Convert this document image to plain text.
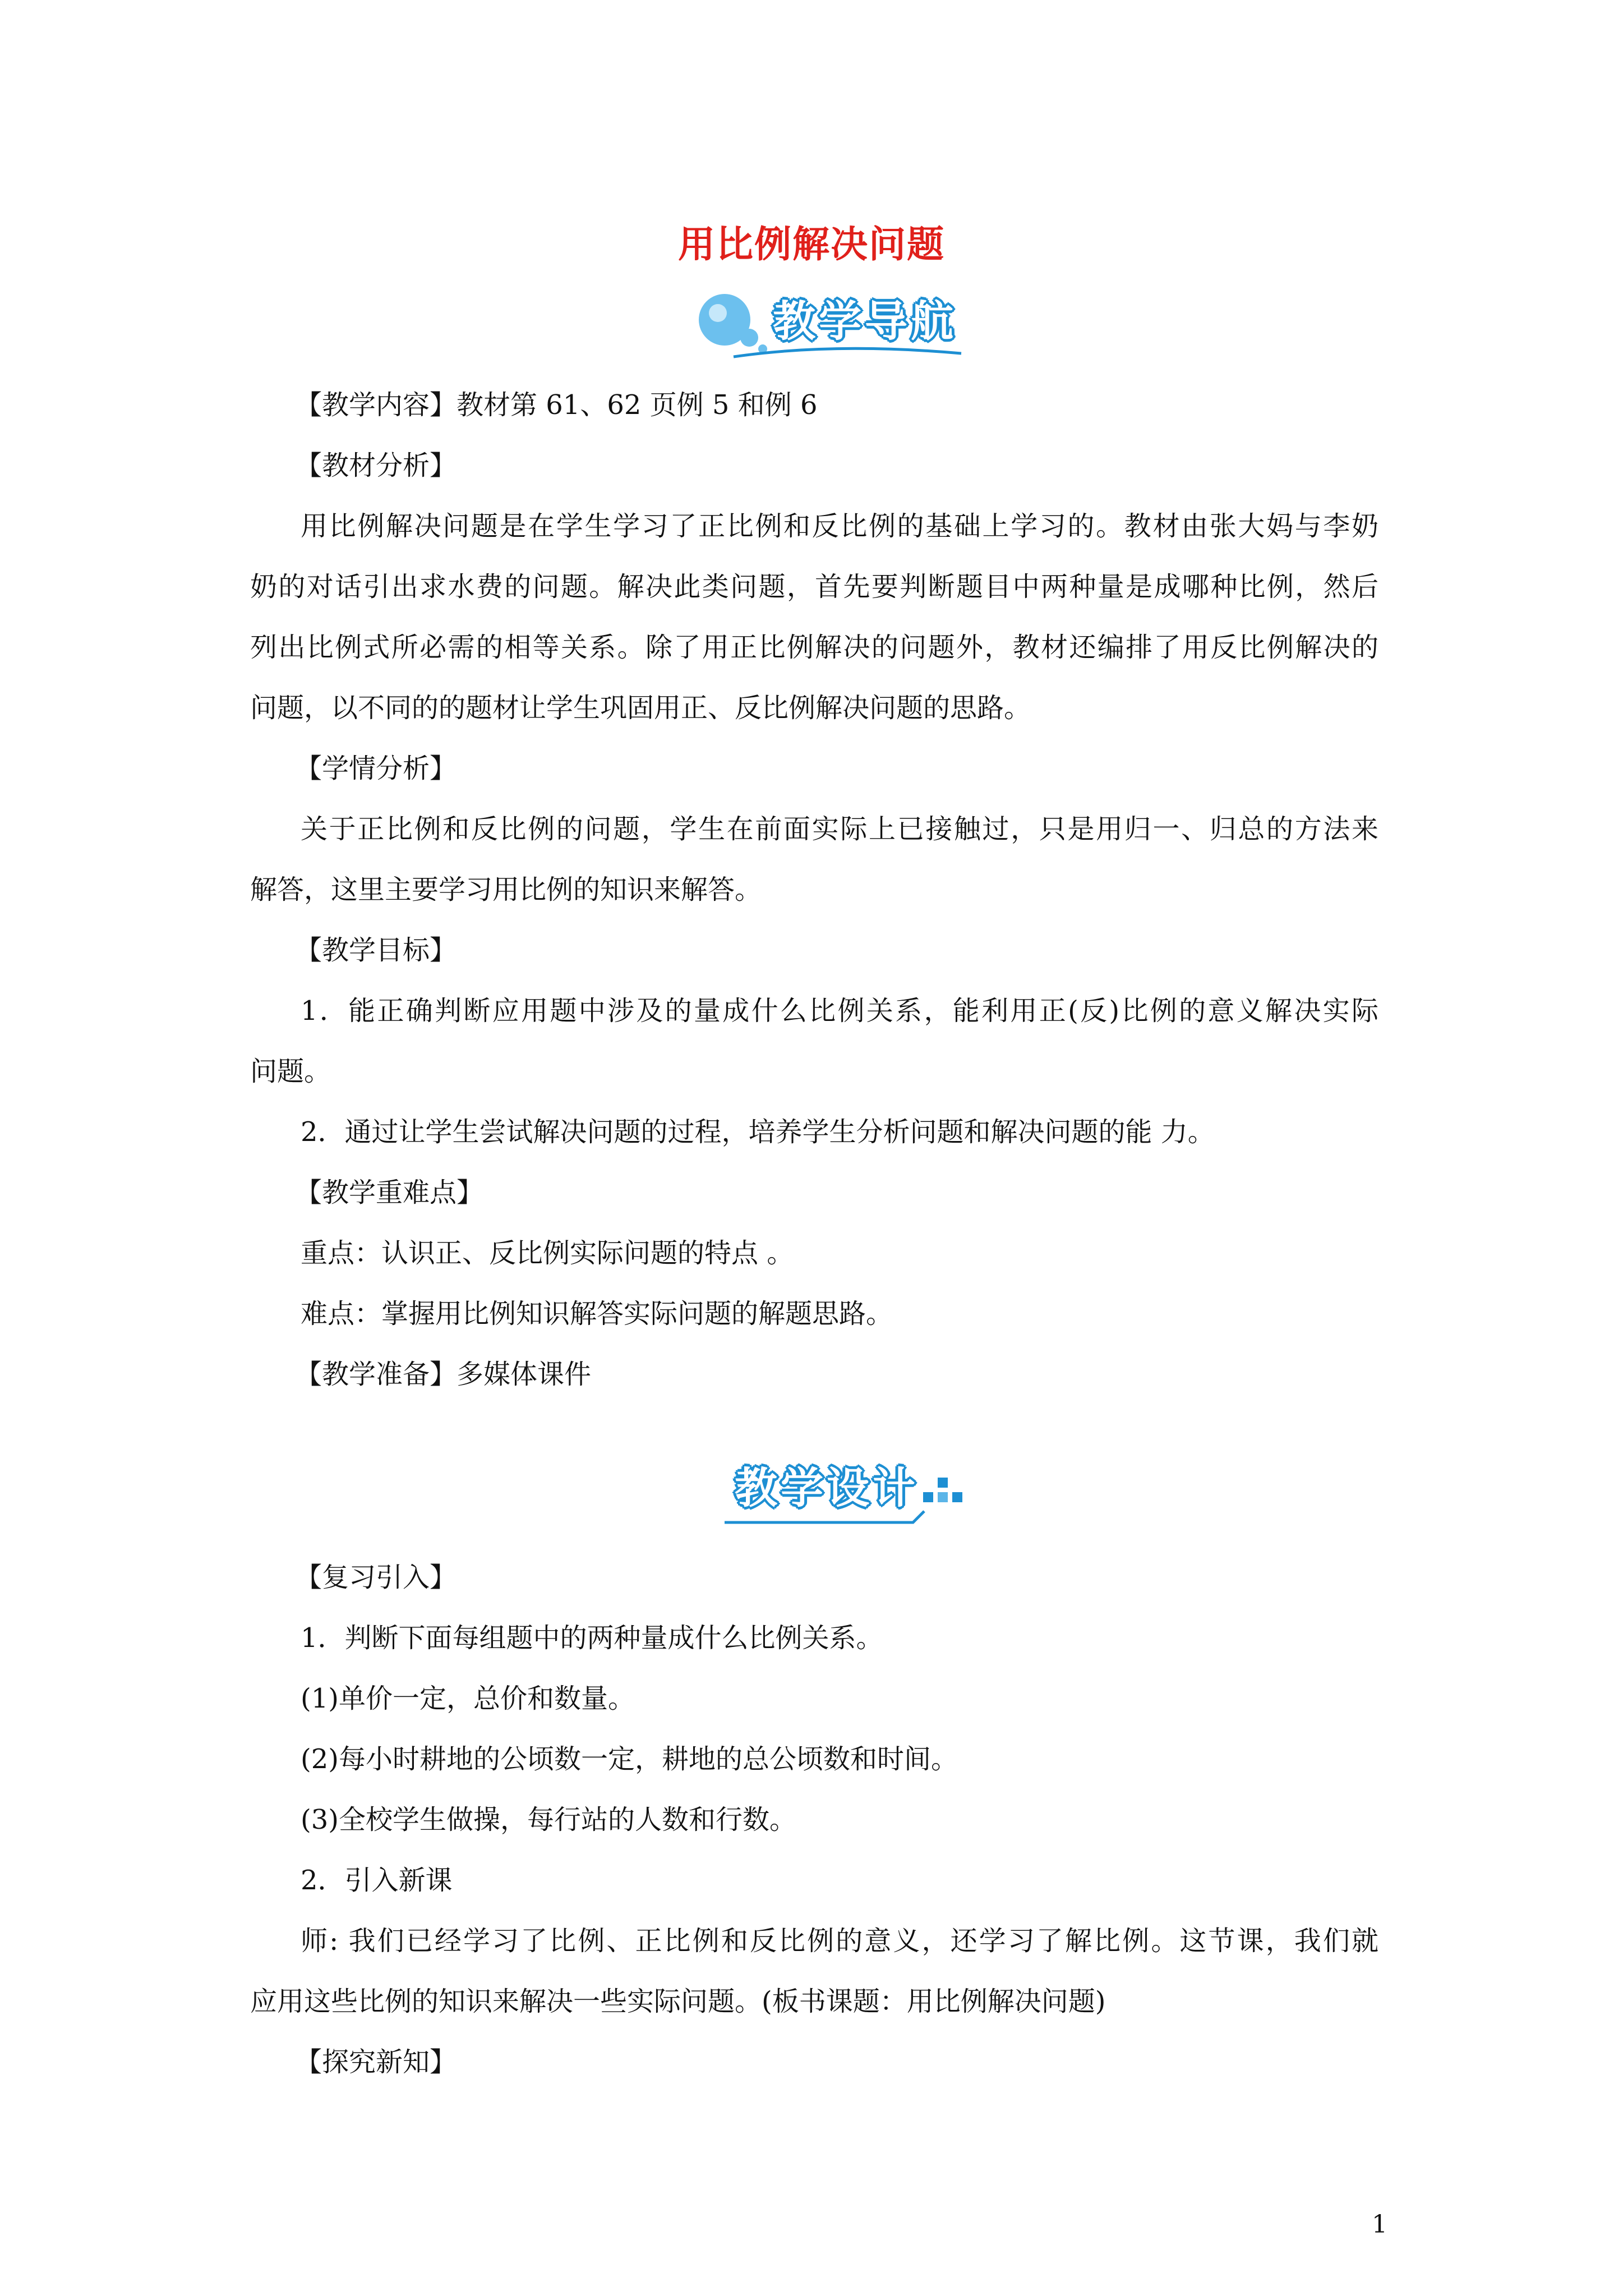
用比例解决问题
教学导航
教学设计
【教学内容】教材第 61、62 页例 5 和例 6
【教材分析】
用比例解决问题是在学生学习了正比例和反比例的基础上学习的。教材由张大妈与李奶
奶的对话引出求水费的问题。解决此类问题，首先要判断题目中两种量是成哪种比例，然后
列出比例式所必需的相等关系。除了用正比例解决的问题外，教材还编排了用反比例解决的
问题，以不同的的题材让学生巩固用正、反比例解决问题的思路。
【学情分析】
关于正比例和反比例的问题，学生在前面实际上已接触过，只是用归一、归总的方法来
解答，这里主要学习用比例的知识来解答。
【教学目标】
1．能正确判断应用题中涉及的量成什么比例关系，能利用正(反)比例的意义解决实际
问题。
2．通过让学生尝试解决问题的过程，培养学生分析问题和解决问题的能 力。
【教学重难点】
重点：认识正、反比例实际问题的特点 。
难点：掌握用比例知识解答实际问题的解题思路。
【教学准备】多媒体课件
【复习引入】
1．判断下面每组题中的两种量成什么比例关系。
(1)单价一定，总价和数量。
(2)每小时耕地的公顷数一定，耕地的总公顷数和时间。
(3)全校学生做操，每行站的人数和行数。
2．引入新课
师: 我们已经学习了比例、正比例和反比例的意义，还学习了解比例。这节课，我们就
应用这些比例的知识来解决一些实际问题。(板书课题：用比例解决问题)
【探究新知】
1
